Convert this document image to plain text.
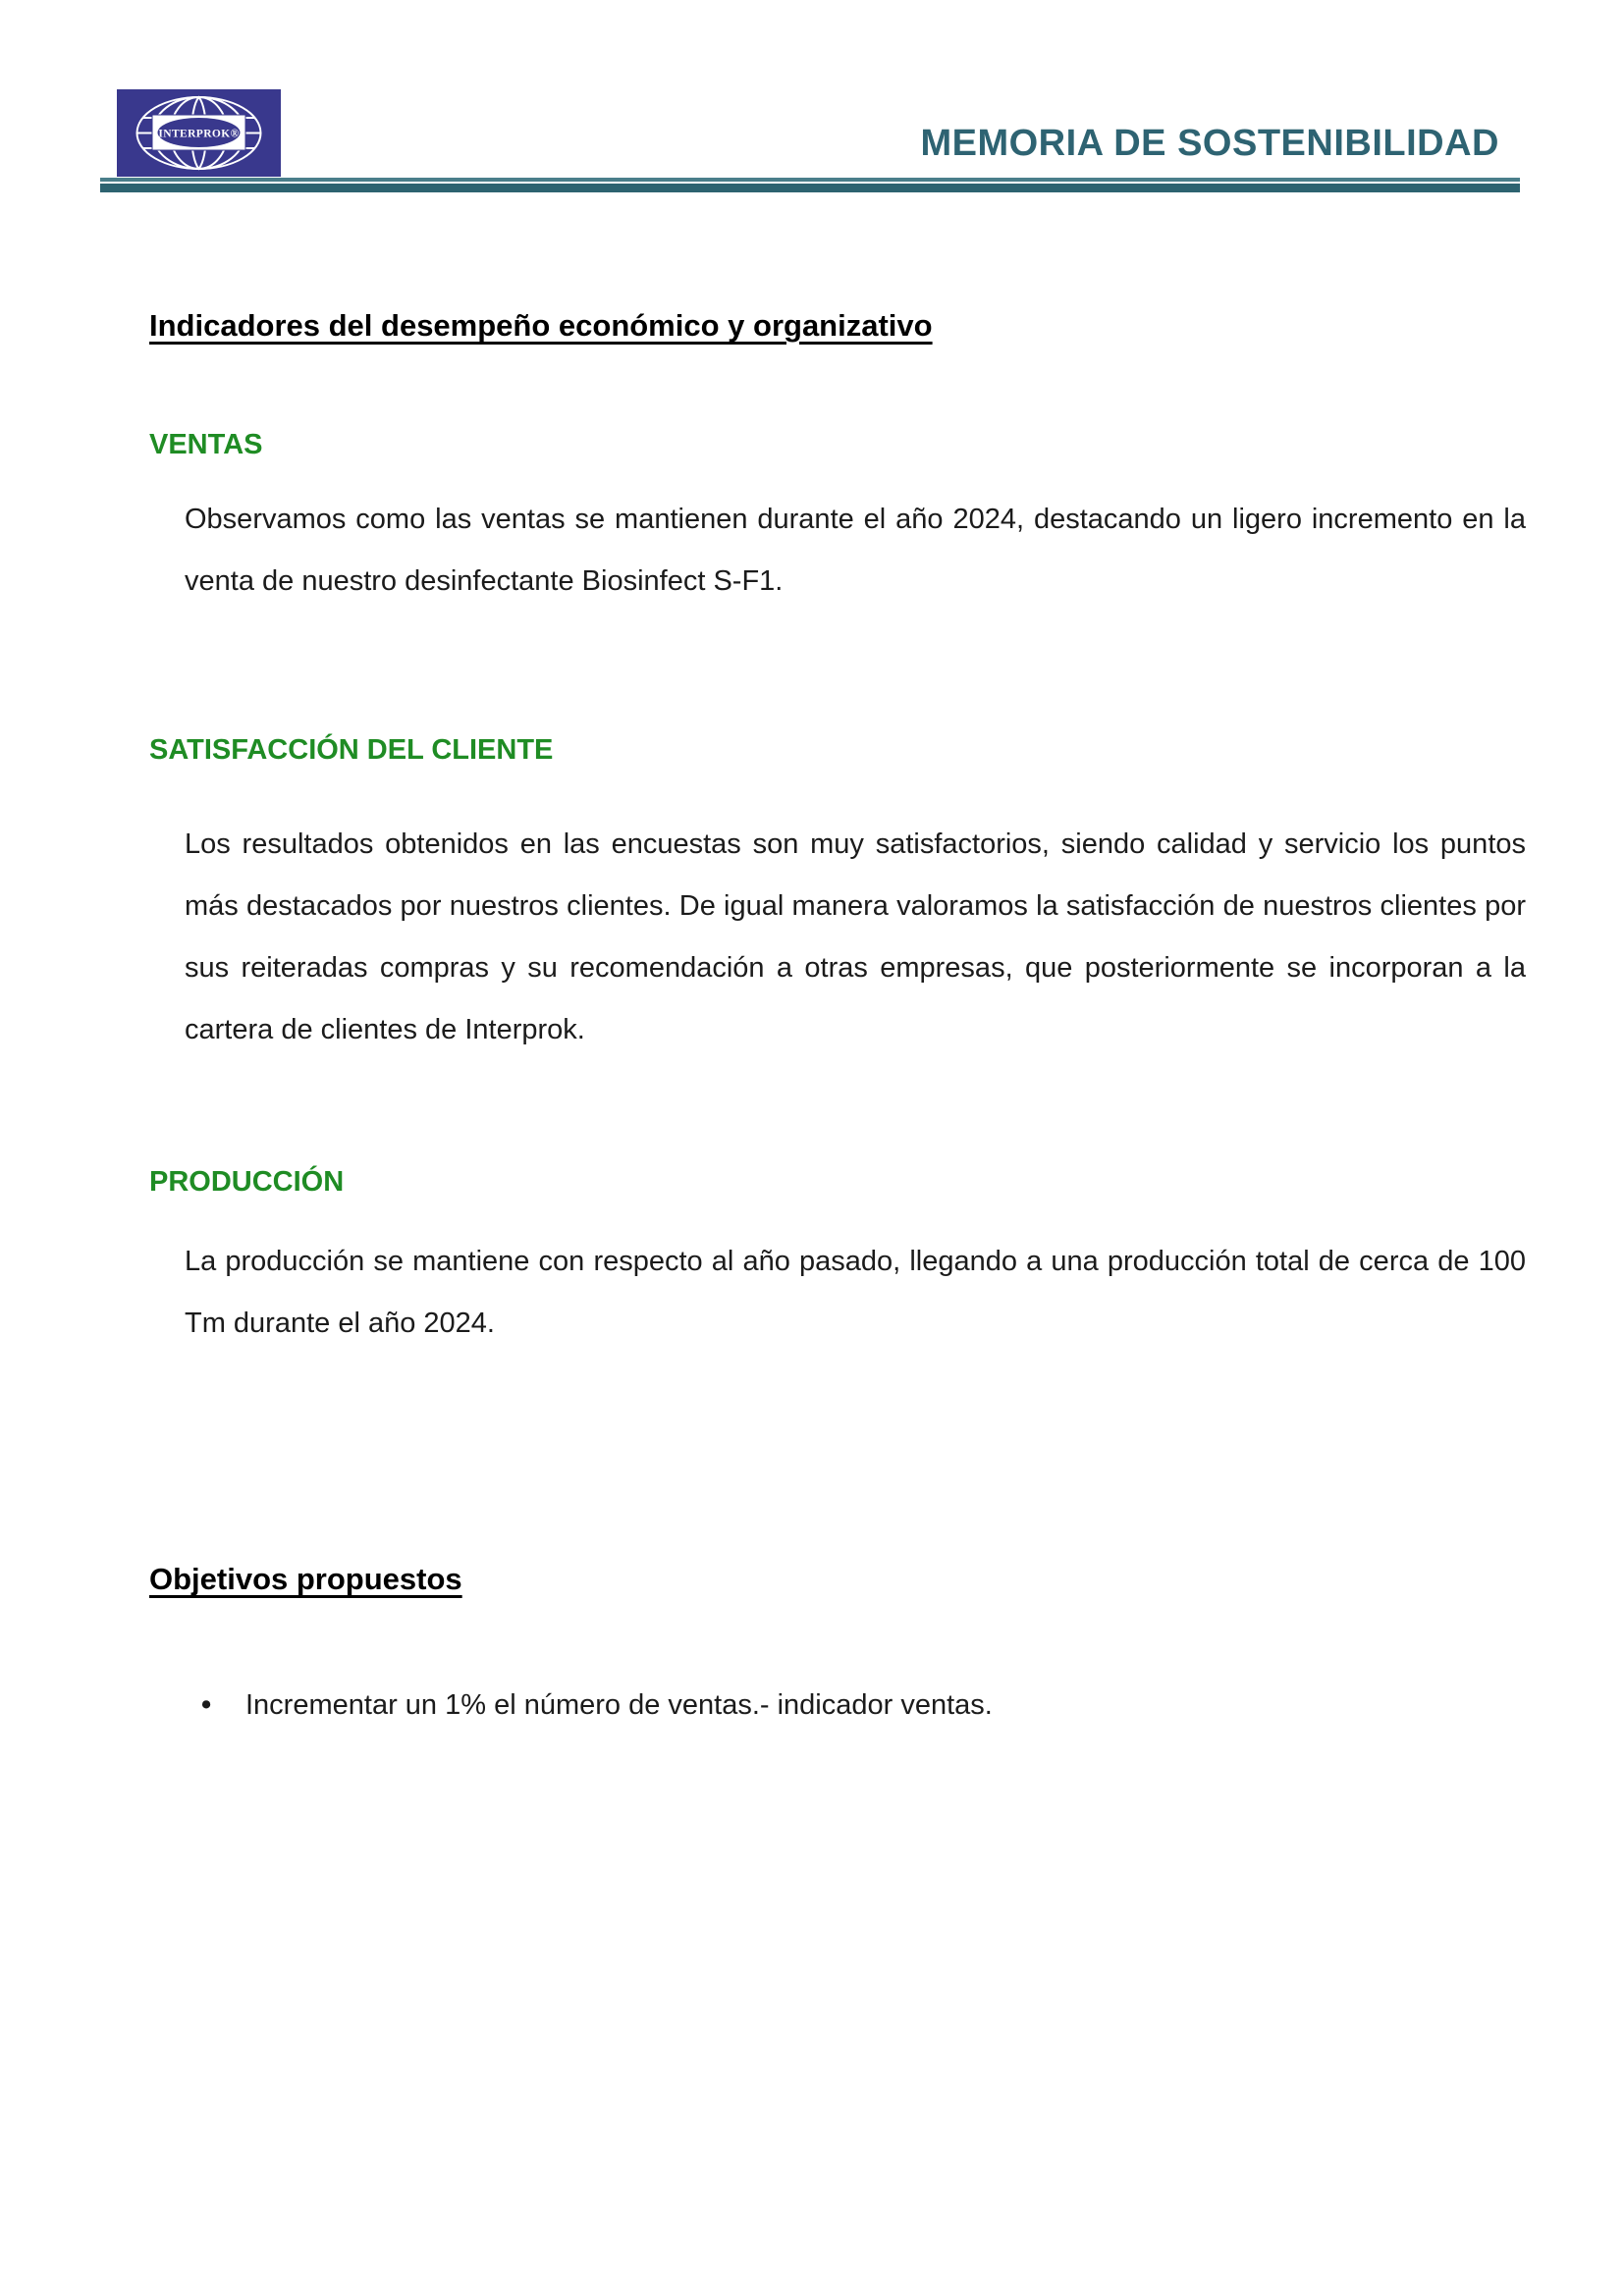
INTERPROK®	MEMORIA DE SOSTENIBILIDAD
Indicadores del desempeño económico y organizativo
VENTAS
Observamos como las ventas se mantienen durante el año 2024, destacando un ligero incremento en la venta de nuestro desinfectante Biosinfect S-F1.
SATISFACCIÓN DEL CLIENTE
Los resultados obtenidos en las encuestas son muy satisfactorios, siendo calidad y servicio los puntos más destacados por nuestros clientes. De igual manera valoramos la satisfacción de nuestros clientes por sus reiteradas compras y su recomendación a otras empresas, que posteriormente se incorporan a la cartera de clientes de Interprok.
PRODUCCIÓN
La producción se mantiene con respecto al año pasado, llegando a una producción total de cerca de 100 Tm durante el año 2024.
Objetivos propuestos
•	Incrementar un 1% el número de ventas.- indicador ventas.
